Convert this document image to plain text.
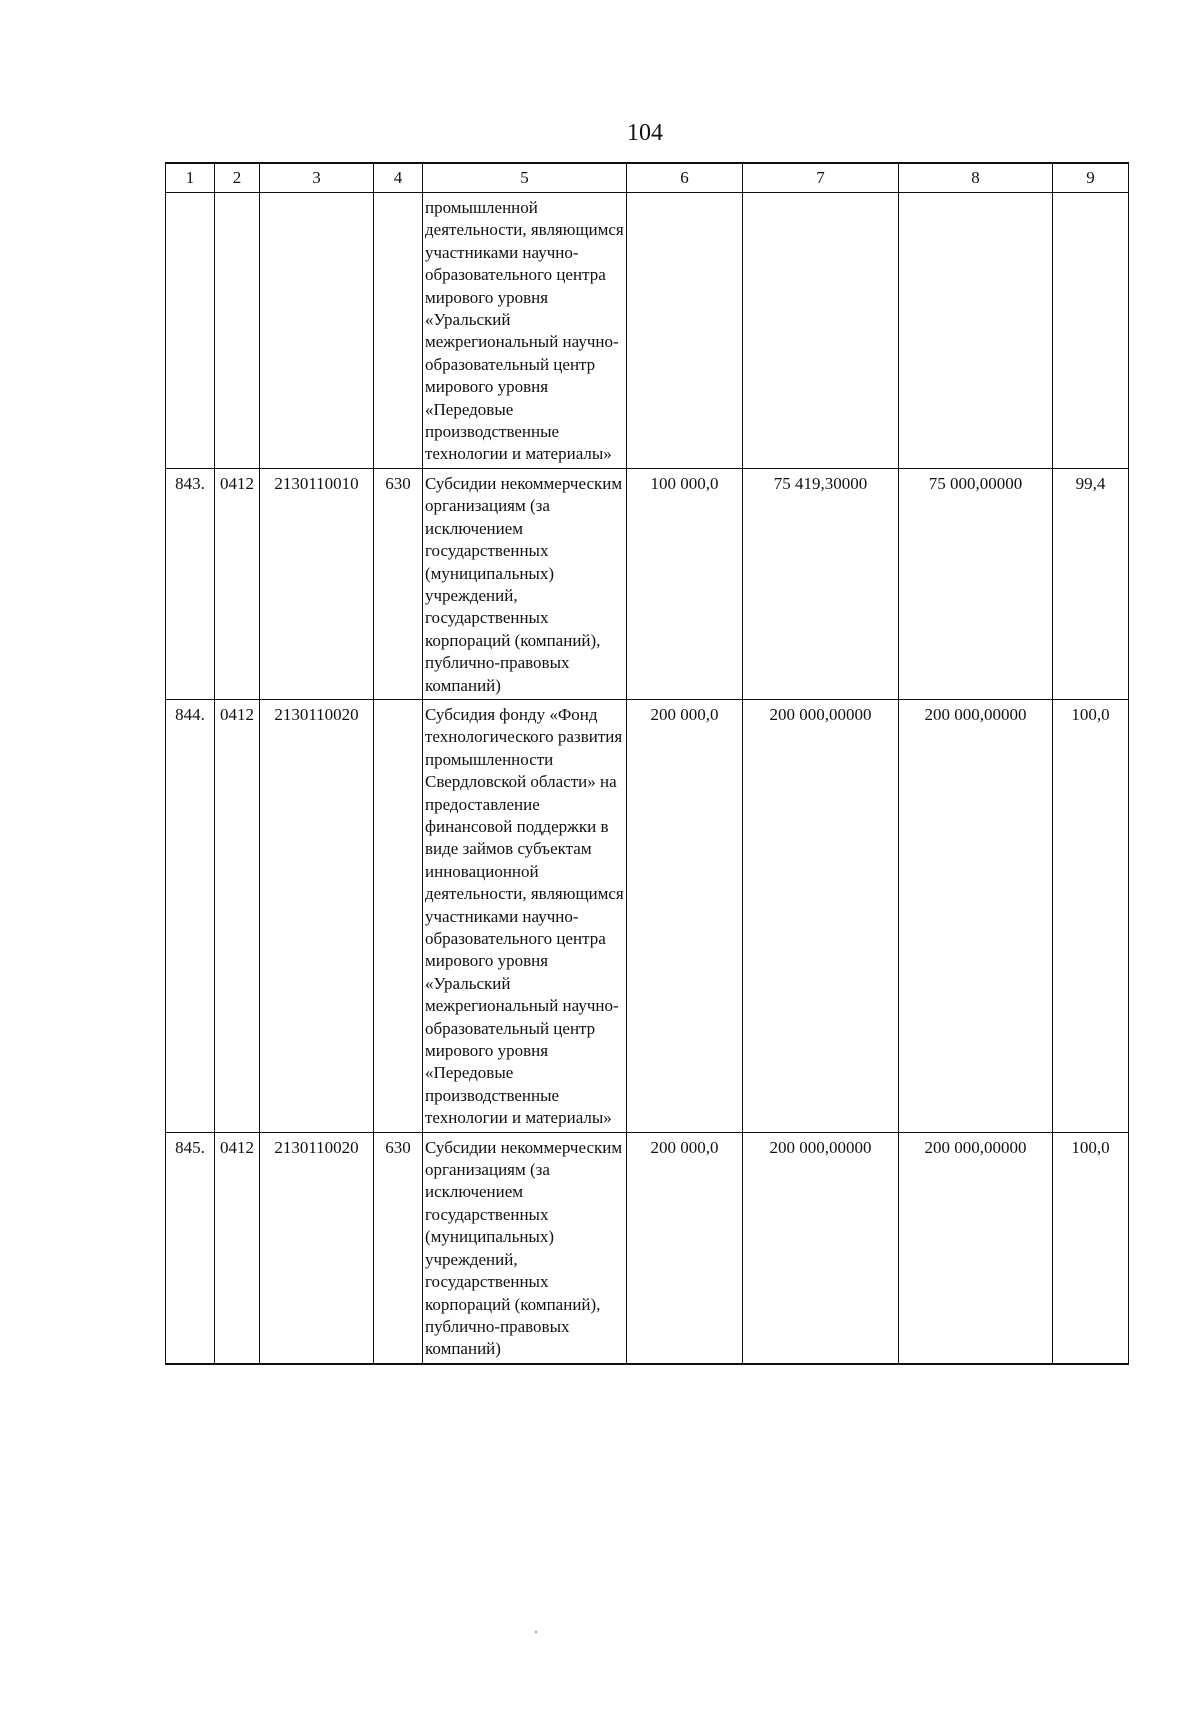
104
1	2	3	4	5	6	7	8	9
				промышленной деятельности, являющимся участниками научно-образовательного центра мирового уровня «Уральский межрегиональный научно-образовательный центр мирового уровня «Передовые производственные технологии и материалы»				
843.	0412	2130110010	630	Субсидии некоммерческим организациям (за исключением государственных (муниципальных) учреждений, государственных корпораций (компаний), публично-правовых компаний)	100 000,0	75 419,30000	75 000,00000	99,4
844.	0412	2130110020		Субсидия фонду «Фонд технологического развития промышленности Свердловской области» на предоставление финансовой поддержки в виде займов субъектам инновационной деятельности, являющимся участниками научно-образовательного центра мирового уровня «Уральский межрегиональный научно-образовательный центр мирового уровня «Передовые производственные технологии и материалы»	200 000,0	200 000,00000	200 000,00000	100,0
845.	0412	2130110020	630	Субсидии некоммерческим организациям (за исключением государственных (муниципальных) учреждений, государственных корпораций (компаний), публично-правовых компаний)	200 000,0	200 000,00000	200 000,00000	100,0
